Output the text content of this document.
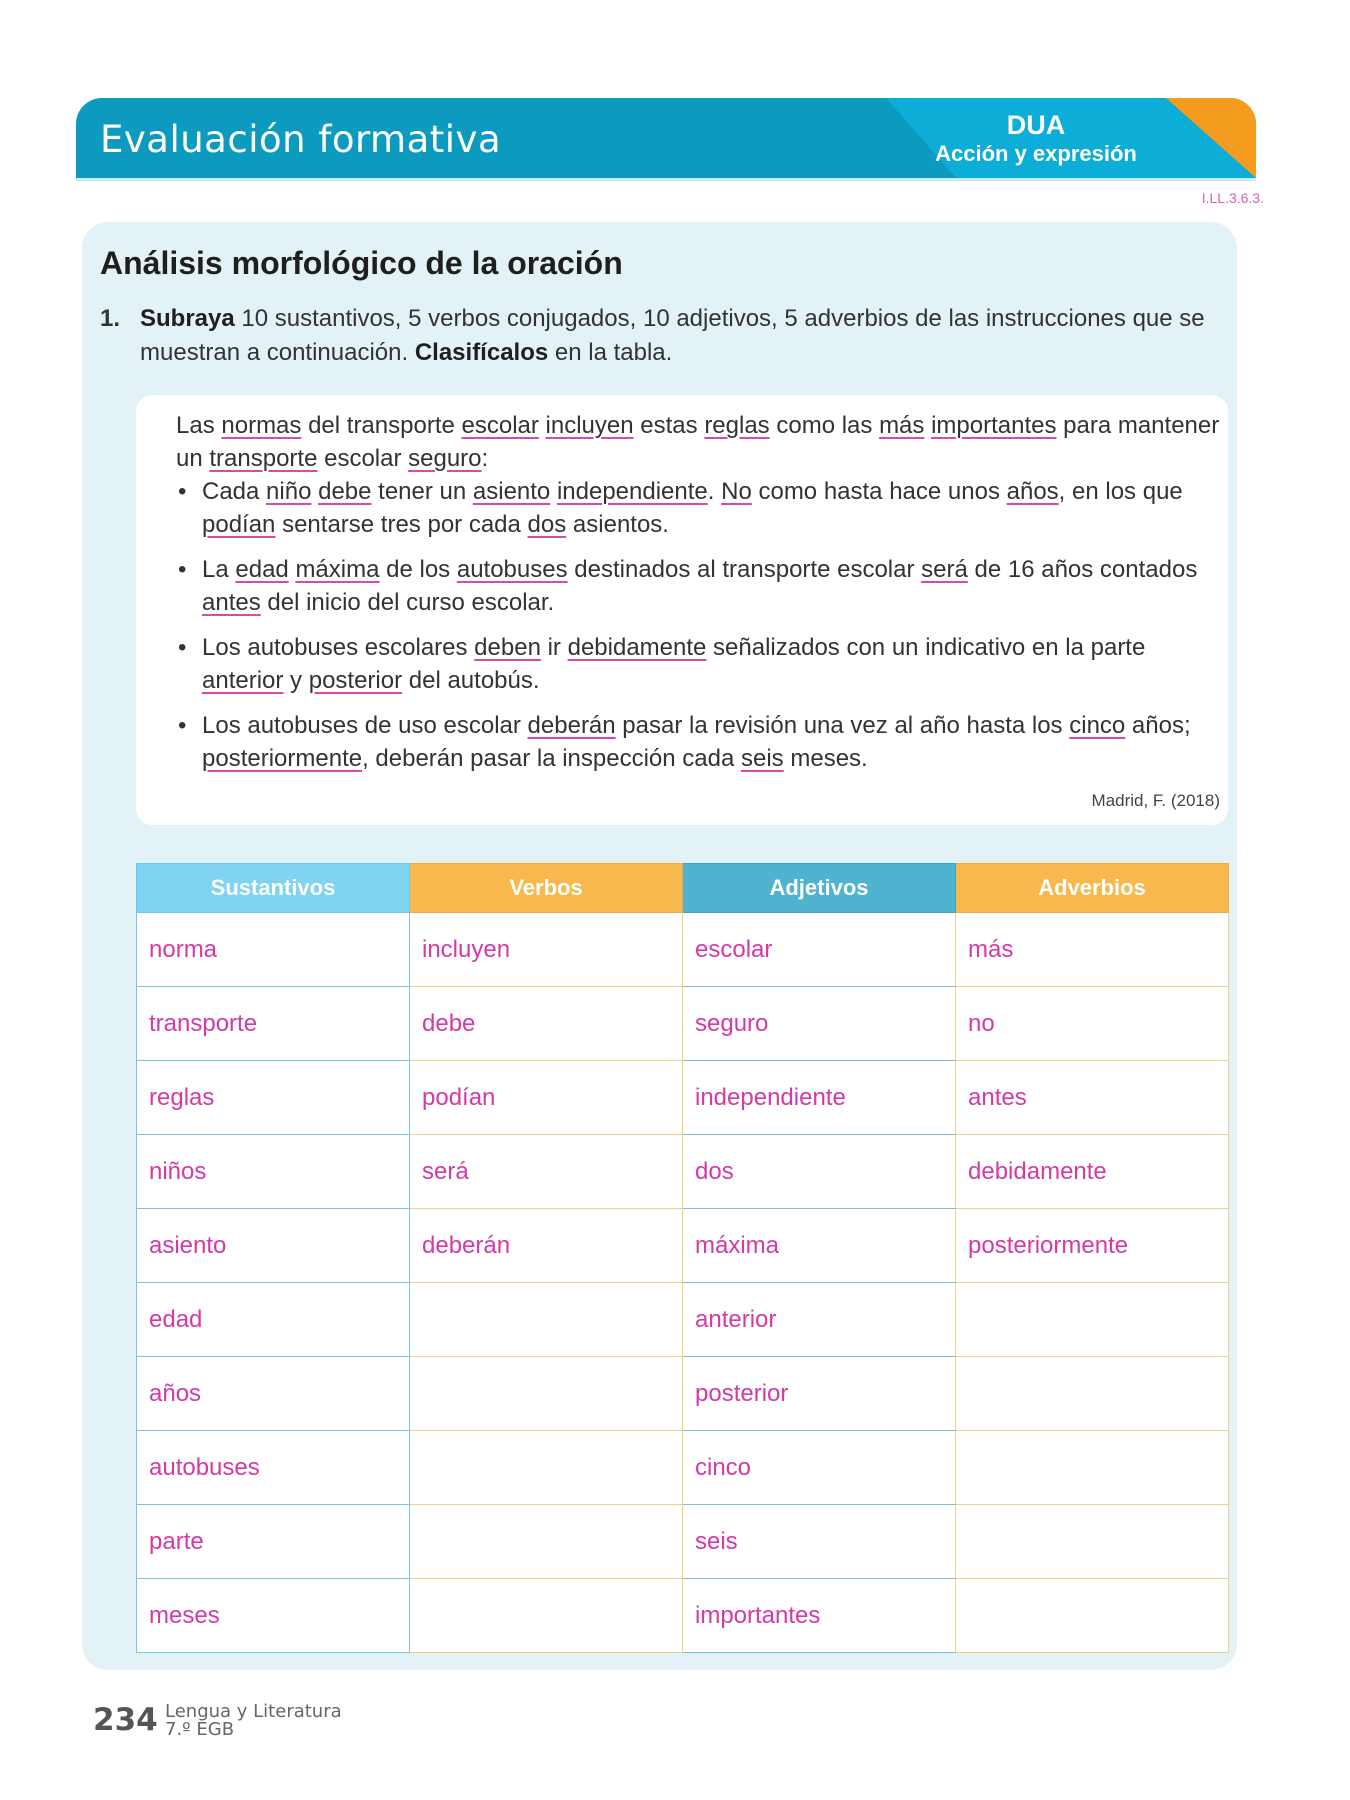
Evaluación formativa	DUA
Acción y expresión
I.LL.3.6.3.
Análisis morfológico de la oración
1. Subraya 10 sustantivos, 5 verbos conjugados, 10 adjetivos, 5 adverbios de las instrucciones que se muestran a continuación. Clasifícalos en la tabla.

Las normas del transporte escolar incluyen estas reglas como las más importantes para mantener un transporte escolar seguro:

• Cada niño debe tener un asiento independiente. No como hasta hace unos años, en los que podían sentarse tres por cada dos asientos.
• La edad máxima de los autobuses destinados al transporte escolar será de 16 años contados antes del inicio del curso escolar.
• Los autobuses escolares deben ir debidamente señalizados con un indicativo en la parte anterior y posterior del autobús.
• Los autobuses de uso escolar deberán pasar la revisión una vez al año hasta los cinco años; posteriormente, deberán pasar la inspección cada seis meses.
Madrid, F. (2018)
Sustantivos	Verbos	Adjetivos	Adverbios
norma	incluyen	escolar	más
transporte	debe	seguro	no
reglas	podían	independiente	antes
niños	será	dos	debidamente
asiento	deberán	máxima	posteriormente
edad		anterior	
años		posterior	
autobuses		cinco	
parte		seis	
meses		importantes	
234 Lengua y Literatura
7.º EGB
